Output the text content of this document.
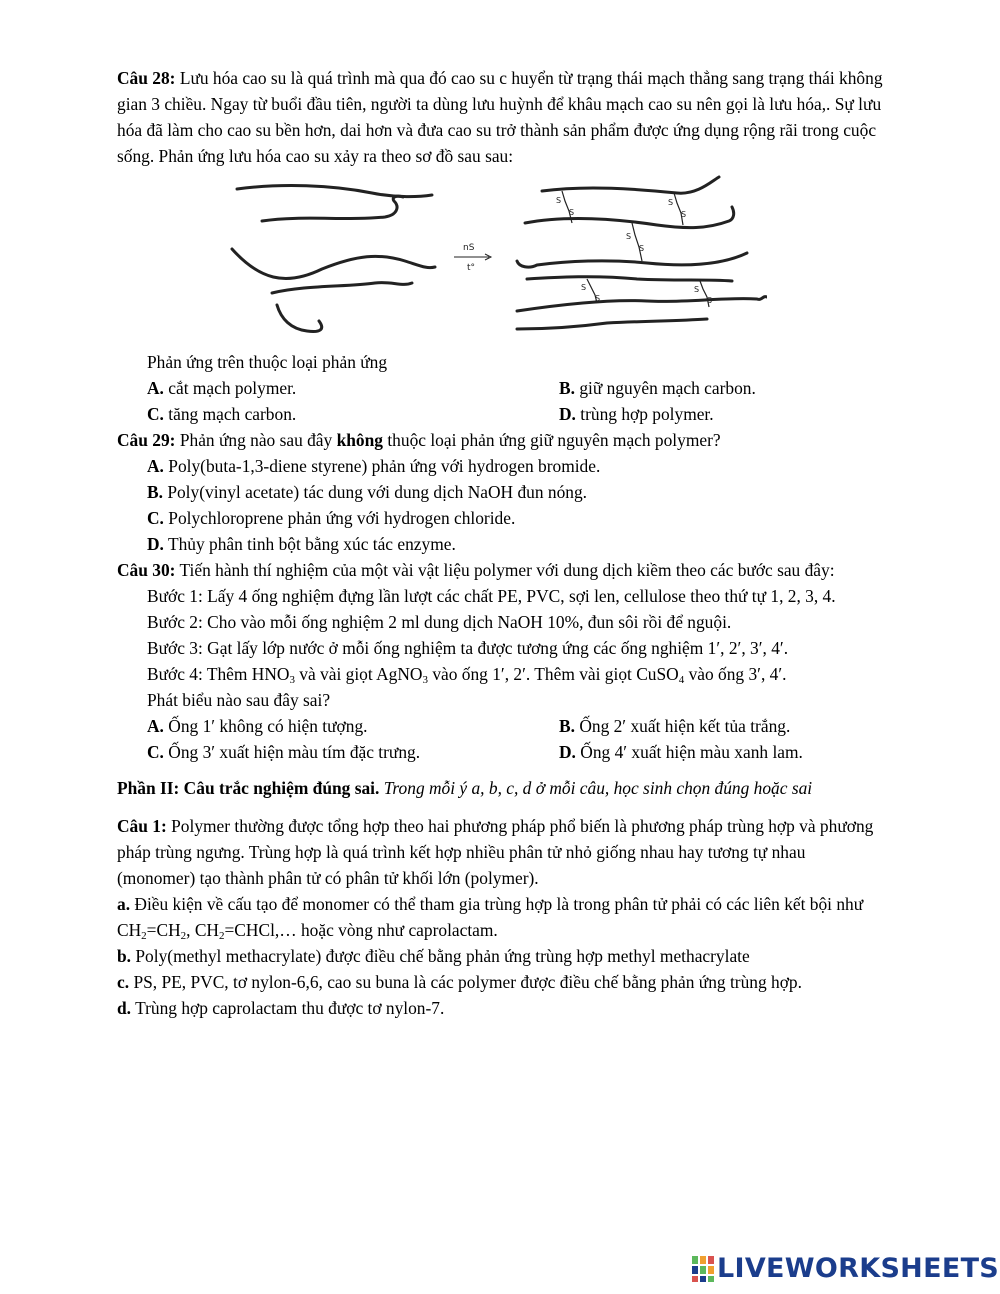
Câu 28: Lưu hóa cao su là quá trình mà qua đó cao su c huyển từ trạng thái mạch thẳng sang trạng thái không gian 3 chiều. Ngay từ buổi đầu tiên, người ta dùng lưu huỳnh để khâu mạch cao su nên gọi là lưu hóa,. Sự lưu hóa đã làm cho cao su bền hơn, dai hơn và đưa cao su trở thành sản phẩm được ứng dụng rộng rãi trong cuộc sống. Phản ứng lưu hóa cao su xảy ra theo sơ đồ sau sau:

nS
t°
S
S
S
S
S
S
S
S
S
S

Phản ứng trên thuộc loại phản ứng

A. cắt mạch polymer.	B. giữ nguyên mạch carbon.
C. tăng mạch carbon.	D. trùng hợp polymer.

Câu 29: Phản ứng nào sau đây không thuộc loại phản ứng giữ nguyên mạch polymer?

A. Poly(buta-1,3-diene styrene) phản ứng với hydrogen bromide.

B. Poly(vinyl acetate) tác dung với dung dịch NaOH đun nóng.

C. Polychloroprene phản ứng với hydrogen chloride.

D. Thủy phân tinh bột bằng xúc tác enzyme.

Câu 30: Tiến hành thí nghiệm của một vài vật liệu polymer với dung dịch kiềm theo các bước sau đây:

Bước 1: Lấy 4 ống nghiệm đựng lần lượt các chất PE, PVC, sợi len, cellulose theo thứ tự 1, 2, 3, 4.

Bước 2: Cho vào mỗi ống nghiệm 2 ml dung dịch NaOH 10%, đun sôi rồi để nguội.

Bước 3: Gạt lấy lớp nước ở mỗi ống nghiệm ta được tương ứng các ống nghiệm 1′, 2′, 3′, 4′.

Bước 4: Thêm $HNO_3$ và vài giọt AgNO$_3$ vào ống 1′, 2′. Thêm vài giọt CuSO$_4$ vào ống 3′, 4′.

Phát biểu nào sau đây sai?

A. Ống 1′ không có hiện tượng.	B. Ống 2′ xuất hiện kết tủa trắng.
C. Ống 3′ xuất hiện màu tím đặc trưng.	D. Ống 4′ xuất hiện màu xanh lam.

Phần II: Câu trắc nghiệm đúng sai. Trong mỗi ý a, b, c, d ở mỗi câu, học sinh chọn đúng hoặc sai

Câu 1: Polymer thường được tổng hợp theo hai phương pháp phổ biến là phương pháp trùng hợp và phương pháp trùng ngưng. Trùng hợp là quá trình kết hợp nhiều phân tử nhỏ giống nhau hay tương tự nhau (monomer) tạo thành phân tử có phân tử khối lớn (polymer).

a. Điều kiện về cấu tạo để monomer có thể tham gia trùng hợp là trong phân tử phải có các liên kết bội như $CH_2=CH_2$, $CH_2=CHCl,\dots$ hoặc vòng như caprolactam.

b. Poly(methyl methacrylate) được điều chế bằng phản ứng trùng hợp methyl methacrylate

c. PS, PE, PVC, tơ nylon-6,6, cao su buna là các polymer được điều chế bằng phản ứng trùng hợp.

d. Trùng hợp caprolactam thu được tơ nylon-7.

LIVEWORKSHEETS
